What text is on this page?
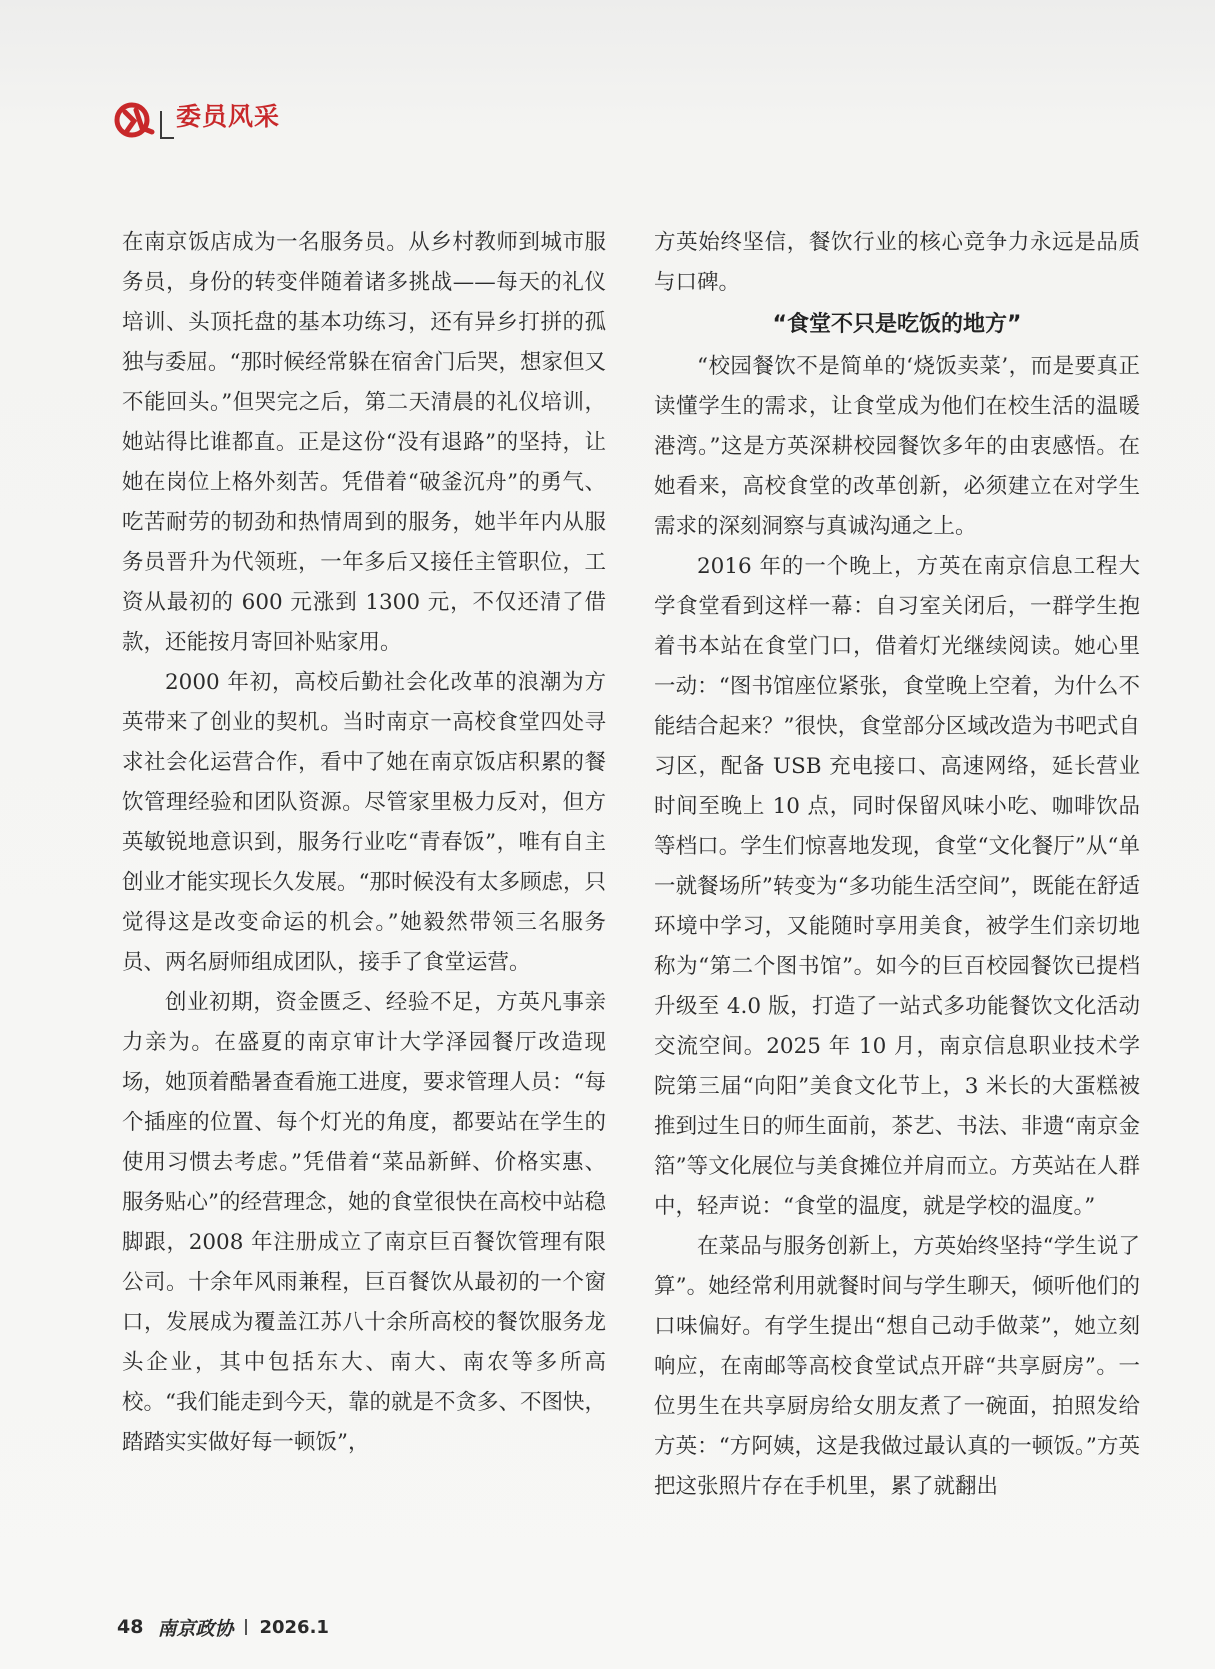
委员风采

在南京饭店成为一名服务员。从乡村教师到城市服务员，身份的转变伴随着诸多挑战——每天的礼仪培训、头顶托盘的基本功练习，还有异乡打拼的孤独与委屈。“那时候经常躲在宿舍门后哭，想家但又不能回头。”但哭完之后，第二天清晨的礼仪培训，她站得比谁都直。正是这份“没有退路”的坚持，让她在岗位上格外刻苦。凭借着“破釜沉舟”的勇气、吃苦耐劳的韧劲和热情周到的服务，她半年内从服务员晋升为代领班，一年多后又接任主管职位，工资从最初的 600 元涨到 1300 元，不仅还清了借款，还能按月寄回补贴家用。

2000 年初，高校后勤社会化改革的浪潮为方英带来了创业的契机。当时南京一高校食堂四处寻求社会化运营合作，看中了她在南京饭店积累的餐饮管理经验和团队资源。尽管家里极力反对，但方英敏锐地意识到，服务行业吃“青春饭”，唯有自主创业才能实现长久发展。“那时候没有太多顾虑，只觉得这是改变命运的机会。”她毅然带领三名服务员、两名厨师组成团队，接手了食堂运营。

创业初期，资金匮乏、经验不足，方英凡事亲力亲为。在盛夏的南京审计大学泽园餐厅改造现场，她顶着酷暑查看施工进度，要求管理人员：“每个插座的位置、每个灯光的角度，都要站在学生的使用习惯去考虑。”凭借着“菜品新鲜、价格实惠、服务贴心”的经营理念，她的食堂很快在高校中站稳脚跟，2008 年注册成立了南京巨百餐饮管理有限公司。十余年风雨兼程，巨百餐饮从最初的一个窗口，发展成为覆盖江苏八十余所高校的餐饮服务龙头企业，其中包括东大、南大、南农等多所高校。“我们能走到今天，靠的就是不贪多、不图快，踏踏实实做好每一顿饭”，

方英始终坚信，餐饮行业的核心竞争力永远是品质与口碑。

“食堂不只是吃饭的地方”

“校园餐饮不是简单的‘烧饭卖菜’，而是要真正读懂学生的需求，让食堂成为他们在校生活的温暖港湾。”这是方英深耕校园餐饮多年的由衷感悟。在她看来，高校食堂的改革创新，必须建立在对学生需求的深刻洞察与真诚沟通之上。

2016 年的一个晚上，方英在南京信息工程大学食堂看到这样一幕：自习室关闭后，一群学生抱着书本站在食堂门口，借着灯光继续阅读。她心里一动：“图书馆座位紧张，食堂晚上空着，为什么不能结合起来？”很快，食堂部分区域改造为书吧式自习区，配备 USB 充电接口、高速网络，延长营业时间至晚上 10 点，同时保留风味小吃、咖啡饮品等档口。学生们惊喜地发现，食堂“文化餐厅”从“单一就餐场所”转变为“多功能生活空间”，既能在舒适环境中学习，又能随时享用美食，被学生们亲切地称为“第二个图书馆”。如今的巨百校园餐饮已提档升级至 4.0 版，打造了一站式多功能餐饮文化活动交流空间。2025 年 10 月，南京信息职业技术学院第三届“向阳”美食文化节上，3 米长的大蛋糕被推到过生日的师生面前，茶艺、书法、非遗“南京金箔”等文化展位与美食摊位并肩而立。方英站在人群中，轻声说：“食堂的温度，就是学校的温度。”

在菜品与服务创新上，方英始终坚持“学生说了算”。她经常利用就餐时间与学生聊天，倾听他们的口味偏好。有学生提出“想自己动手做菜”，她立刻响应，在南邮等高校食堂试点开辟“共享厨房”。一位男生在共享厨房给女朋友煮了一碗面，拍照发给方英：“方阿姨，这是我做过最认真的一顿饭。”方英把这张照片存在手机里，累了就翻出

48 南京政协 2026.1
